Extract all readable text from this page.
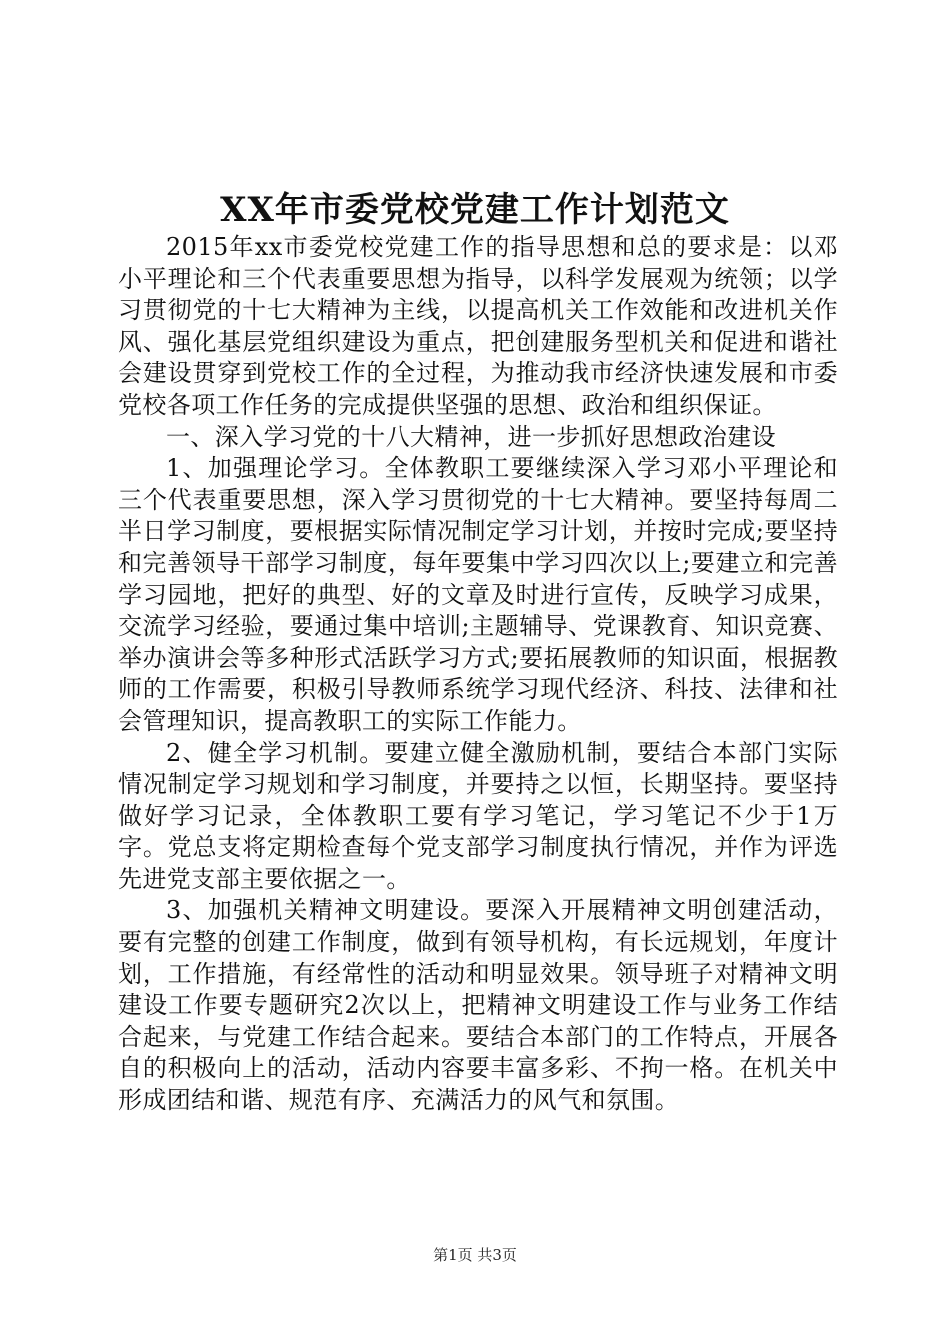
XX年市委党校党建工作计划范文

2015年xx市委党校党建工作的指导思想和总的要求是：以邓小平理论和三个代表重要思想为指导，以科学发展观为统领；以学习贯彻党的十七大精神为主线，以提高机关工作效能和改进机关作风、强化基层党组织建设为重点，把创建服务型机关和促进和谐社会建设贯穿到党校工作的全过程，为推动我市经济快速发展和市委党校各项工作任务的完成提供坚强的思想、政治和组织保证。

一、深入学习党的十八大精神，进一步抓好思想政治建设

1、加强理论学习。全体教职工要继续深入学习邓小平理论和三个代表重要思想，深入学习贯彻党的十七大精神。要坚持每周二半日学习制度，要根据实际情况制定学习计划，并按时完成;要坚持和完善领导干部学习制度，每年要集中学习四次以上;要建立和完善学习园地，把好的典型、好的文章及时进行宣传，反映学习成果，交流学习经验，要通过集中培训;主题辅导、党课教育、知识竞赛、举办演讲会等多种形式活跃学习方式;要拓展教师的知识面，根据教师的工作需要，积极引导教师系统学习现代经济、科技、法律和社会管理知识，提高教职工的实际工作能力。

2、健全学习机制。要建立健全激励机制，要结合本部门实际情况制定学习规划和学习制度，并要持之以恒，长期坚持。要坚持做好学习记录，全体教职工要有学习笔记，学习笔记不少于1万字。党总支将定期检查每个党支部学习制度执行情况，并作为评选先进党支部主要依据之一。

3、加强机关精神文明建设。要深入开展精神文明创建活动，要有完整的创建工作制度，做到有领导机构，有长远规划，年度计划，工作措施，有经常性的活动和明显效果。领导班子对精神文明建设工作要专题研究2次以上，把精神文明建设工作与业务工作结合起来，与党建工作结合起来。要结合本部门的工作特点，开展各自的积极向上的活动，活动内容要丰富多彩、不拘一格。在机关中形成团结和谐、规范有序、充满活力的风气和氛围。

第1页 共3页
